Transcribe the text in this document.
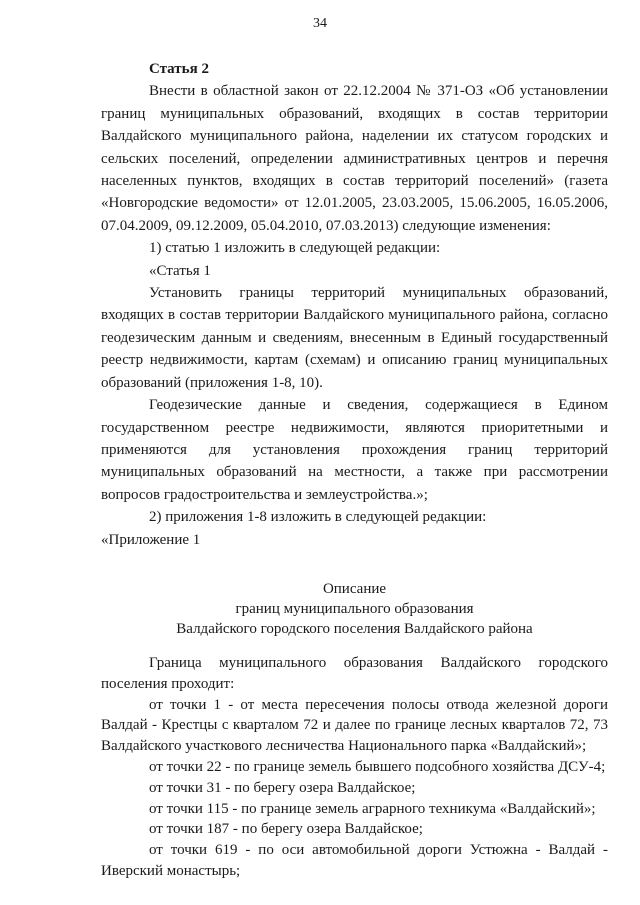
34

Статья 2

Внести в областной закон от 22.12.2004 № 371-ОЗ «Об установлении границ муниципальных образований, входящих в состав территории Валдайского муниципального района, наделении их статусом городских и сельских поселений, определении административных центров и перечня населенных пунктов, входящих в состав территорий поселений» (газета «Новгородские ведомости» от 12.01.2005, 23.03.2005, 15.06.2005, 16.05.2006, 07.04.2009, 09.12.2009, 05.04.2010, 07.03.2013) следующие изменения:

1) статью 1 изложить в следующей редакции:

«Статья 1

Установить границы территорий муниципальных образований, входящих в состав территории Валдайского муниципального района, согласно геодезическим данным и сведениям, внесенным в Единый государственный реестр недвижимости, картам (схемам) и описанию границ муниципальных образований (приложения 1-8, 10).

Геодезические данные и сведения, содержащиеся в Едином государственном реестре недвижимости, являются приоритетными и применяются для установления прохождения границ территорий муниципальных образований на местности, а также при рассмотрении вопросов градостроительства и землеустройства.»;

2) приложения 1-8 изложить в следующей редакции:

«Приложение 1

Описание
границ муниципального образования
Валдайского городского поселения Валдайского района

Граница муниципального образования Валдайского городского поселения проходит:

от точки 1 - от места пересечения полосы отвода железной дороги Валдай - Крестцы с кварталом 72 и далее по границе лесных кварталов 72, 73 Валдайского участкового лесничества Национального парка «Валдайский»;

от точки 22 - по границе земель бывшего подсобного хозяйства ДСУ-4;

от точки 31 - по берегу озера Валдайское;

от точки 115 - по границе земель аграрного техникума «Валдайский»;

от точки 187 - по берегу озера Валдайское;

от точки 619 - по оси автомобильной дороги Устюжна - Валдай - Иверский монастырь;
